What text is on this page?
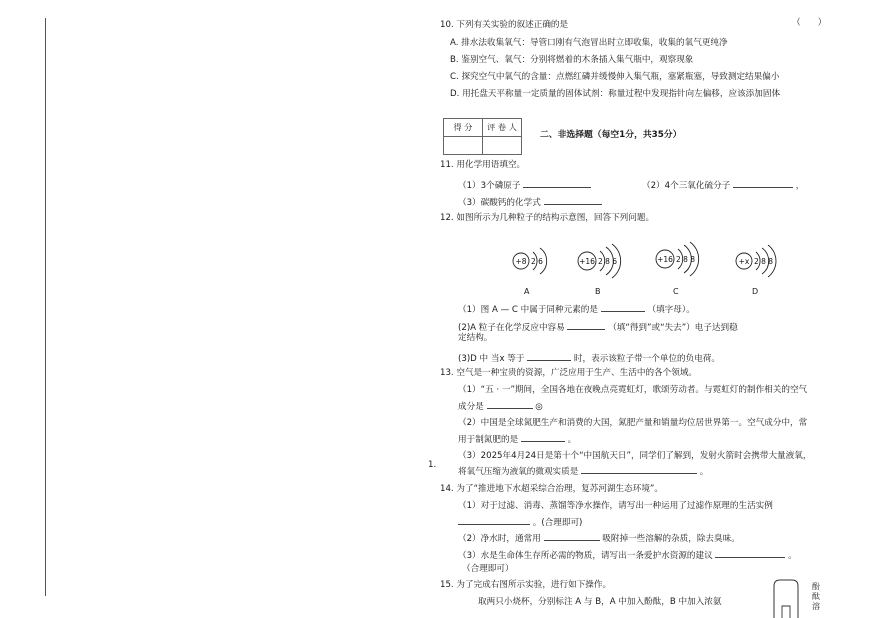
10. 下列有关实验的叙述正确的是	（　　）
A. 排水法收集氧气：导管口刚有气泡冒出时立即收集，收集的氧气更纯净
B. 鉴别空气、氧气：分别将燃着的木条插入集气瓶中，观察现象
C. 探究空气中氧气的含量：点燃红磷并缓慢伸入集气瓶，塞紧瓶塞，导致测定结果偏小
D. 用托盘天平称量一定质量的固体试剂：称量过程中发现指针向左偏移，应该添加固体
得 分	评 卷 人

二、非选择题（每空1分，共35分）
11. 用化学用语填空。
（1）3个磷原子	（2）4个三氧化硫分子	，
（3）碳酸钙的化学式
12. 如图所示为几种粒子的结构示意图，回答下列问题。
+8 2 6	+16 2 8 6	+16 2 8 8	+x 2 8 8
A	B	C	D
（1）图 A — C 中属于同种元素的是	（填字母）。
(2)A 粒子在化学反应中容易	（填“得到”或“失去”）电子达到稳
定结构。
(3)D 中 当x 等于	时，表示该粒子带一个单位的负电荷。
13. 空气是一种宝贵的资源，广泛应用于生产、生活中的各个领域。
（1）“五 · 一”期间，全国各地在夜晚点亮霓虹灯，歌颂劳动者。与霓虹灯的制作相关的空气
成分是	◎
（2）中国是全球氮肥生产和消费的大国，氮肥产量和销量均位居世界第一。空气成分中，常
用于制氮肥的是	。
（3）2025年4月24日是第十个“中国航天日”，同学们了解到，发射火箭时会携带大量液氧，
将氧气压缩为液氧的微观实质是	。
1.
14. 为了“推进地下水超采综合治理，复苏河湖生态环境”。
（1）对于过滤、消毒、蒸馏等净水操作，请写出一种运用了过滤作原理的生活实例
。(合理即可)
（2）净水时，通常用	吸附掉一些溶解的杂质，除去臭味。
（3）水是生命体生存所必需的物质，请写出一条爱护水资源的建议	。
（合理即可）
15. 为了完成右图所示实验，进行如下操作。
取两只小烧杯，分别标注 A 与 B，A 中加入酚酞，B 中加入浓氨
酚 酞 溶
